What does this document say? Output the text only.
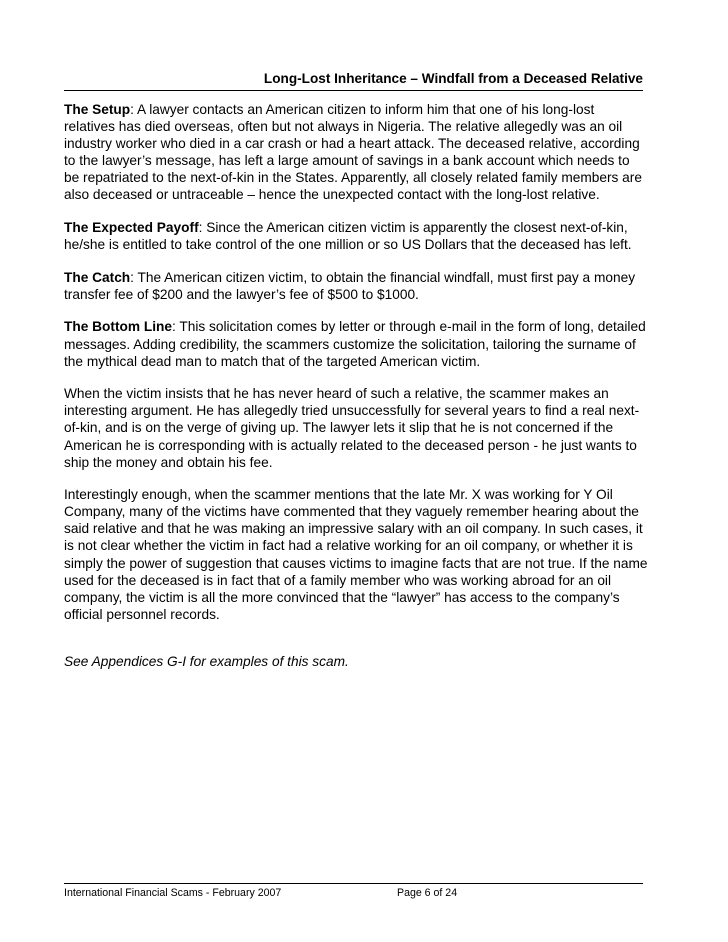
Long-Lost Inheritance – Windfall from a Deceased Relative

The Setup: A lawyer contacts an American citizen to inform him that one of his long-lost relatives has died overseas, often but not always in Nigeria. The relative allegedly was an oil industry worker who died in a car crash or had a heart attack. The deceased relative, according to the lawyer’s message, has left a large amount of savings in a bank account which needs to be repatriated to the next-of-kin in the States. Apparently, all closely related family members are also deceased or untraceable – hence the unexpected contact with the long-lost relative.

The Expected Payoff: Since the American citizen victim is apparently the closest next-of-kin, he/she is entitled to take control of the one million or so US Dollars that the deceased has left.

The Catch: The American citizen victim, to obtain the financial windfall, must first pay a money transfer fee of $200 and the lawyer’s fee of $500 to $1000.

The Bottom Line: This solicitation comes by letter or through e-mail in the form of long, detailed messages. Adding credibility, the scammers customize the solicitation, tailoring the surname of the mythical dead man to match that of the targeted American victim.

When the victim insists that he has never heard of such a relative, the scammer makes an interesting argument. He has allegedly tried unsuccessfully for several years to find a real next-of-kin, and is on the verge of giving up. The lawyer lets it slip that he is not concerned if the American he is corresponding with is actually related to the deceased person - he just wants to ship the money and obtain his fee.

Interestingly enough, when the scammer mentions that the late Mr. X was working for Y Oil Company, many of the victims have commented that they vaguely remember hearing about the said relative and that he was making an impressive salary with an oil company. In such cases, it is not clear whether the victim in fact had a relative working for an oil company, or whether it is simply the power of suggestion that causes victims to imagine facts that are not true. If the name used for the deceased is in fact that of a family member who was working abroad for an oil company, the victim is all the more convinced that the “lawyer” has access to the company’s official personnel records.

See Appendices G-I for examples of this scam.

International Financial Scams - February 2007	Page 6 of 24
